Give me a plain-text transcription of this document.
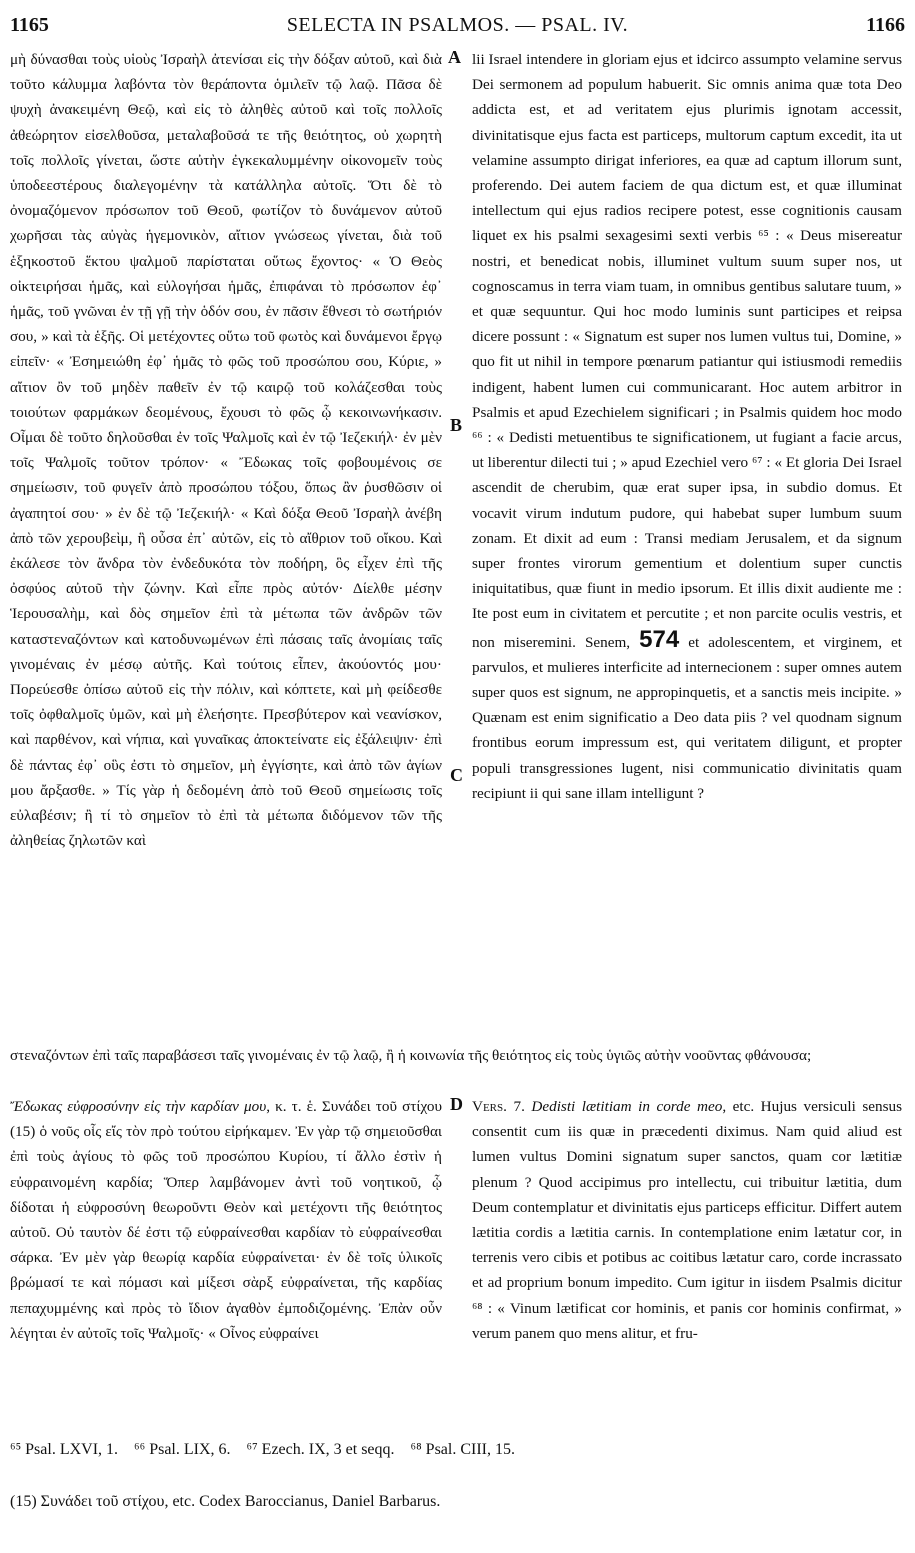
1165	SELECTA IN PSALMOS. — PSAL. IV.	1166

μὴ δύνασθαι τοὺς υἱοὺς Ἰσραὴλ ἀτενίσαι εἰς τὴν δόξαν αὐτοῦ, καὶ διὰ τοῦτο κάλυμμα λαβόντα τὸν θεράποντα ὁμιλεῖν τῷ λαῷ. Πᾶσα δὲ ψυχὴ ἀνακειμένη Θεῷ, καὶ εἰς τὸ ἀληθὲς αὐτοῦ καὶ τοῖς πολλοῖς ἀθεώρητον εἰσελθοῦσα, μεταλαβοῦσά τε τῆς θειότητος, οὐ χωρητὴ τοῖς πολλοῖς γίνεται, ὥστε αὐτὴν ἐγκεκαλυμμένην οἰκονομεῖν τοὺς ὑποδεεστέρους διαλεγομένην τὰ κατάλληλα αὐτοῖς. Ὅτι δὲ τὸ ὀνομαζόμενον πρόσωπον τοῦ Θεοῦ, φωτίζον τὸ δυνάμενον αὐτοῦ χωρῆσαι τὰς αὐγὰς ἡγεμονικὸν, αἴτιον γνώσεως γίνεται, διὰ τοῦ ἑξηκοστοῦ ἕκτου ψαλμοῦ παρίσταται οὕτως ἔχοντος· « Ὁ Θεὸς οἰκτειρήσαι ἡμᾶς, καὶ εὐλογήσαι ἡμᾶς, ἐπιφάναι τὸ πρόσωπον ἐφ᾽ ἡμᾶς, τοῦ γνῶναι ἐν τῇ γῇ τὴν ὁδόν σου, ἐν πᾶσιν ἔθνεσι τὸ σωτήριόν σου, » καὶ τὰ ἑξῆς. Οἱ μετέχοντες οὕτω τοῦ φωτὸς καὶ δυνάμενοι ἔργῳ εἰπεῖν· « Ἐσημειώθη ἐφ᾽ ἡμᾶς τὸ φῶς τοῦ προσώπου σου, Κύριε, » αἴτιον ὂν τοῦ μηδὲν παθεῖν ἐν τῷ καιρῷ τοῦ κολάζεσθαι τοὺς τοιούτων φαρμάκων δεομένους, ἔχουσι τὸ φῶς ᾧ κεκοινωνήκασιν. Οἶμαι δὲ τοῦτο δηλοῦσθαι ἐν τοῖς Ψαλμοῖς καὶ ἐν τῷ Ἰεζεκιήλ· ἐν μὲν τοῖς Ψαλμοῖς τοῦτον τρόπον· « Ἔδωκας τοῖς φοβουμένοις σε σημείωσιν, τοῦ φυγεῖν ἀπὸ προσώπου τόξου, ὅπως ἂν ῥυσθῶσιν οἱ ἀγαπητοί σου· » ἐν δὲ τῷ Ἰεζεκιήλ· « Καὶ δόξα Θεοῦ Ἰσραὴλ ἀνέβη ἀπὸ τῶν χερουβεὶμ, ἣ οὖσα ἐπ᾽ αὐτῶν, εἰς τὸ αἴθριον τοῦ οἴκου. Καὶ ἐκάλεσε τὸν ἄνδρα τὸν ἐνδεδυκότα τὸν ποδήρη, ὃς εἶχεν ἐπὶ τῆς ὀσφύος αὐτοῦ τὴν ζώνην. Καὶ εἶπε πρὸς αὐτόν· Δίελθε μέσην Ἱερουσαλὴμ, καὶ δὸς σημεῖον ἐπὶ τὰ μέτωπα τῶν ἀνδρῶν τῶν καταστεναζόντων καὶ κατοδυνωμένων ἐπὶ πάσαις ταῖς ἀνομίαις ταῖς γινομέναις ἐν μέσῳ αὐτῆς. Καὶ τούτοις εἶπεν, ἀκούοντός μου· Πορεύεσθε ὀπίσω αὐτοῦ εἰς τὴν πόλιν, καὶ κόπτετε, καὶ μὴ φείδεσθε τοῖς ὀφθαλμοῖς ὑμῶν, καὶ μὴ ἐλεήσητε. Πρεσβύτερον καὶ νεανίσκον, καὶ παρθένον, καὶ νήπια, καὶ γυναῖκας ἀποκτείνατε εἰς ἐξάλειψιν· ἐπὶ δὲ πάντας ἐφ᾽ οὓς ἐστι τὸ σημεῖον, μὴ ἐγγίσητε, καὶ ἀπὸ τῶν ἁγίων μου ἄρξασθε. » Τίς γὰρ ἡ δεδομένη ἀπὸ τοῦ Θεοῦ σημείωσις τοῖς εὐλαβέσιν; ἢ τί τὸ σημεῖον τὸ ἐπὶ τὰ μέτωπα διδόμενον τῶν τῆς ἀληθείας ζηλωτῶν καὶ

A
B
C
D

lii Israel intendere in gloriam ejus et idcirco assumpto velamine servus Dei sermonem ad populum habuerit. Sic omnis anima quæ tota Deo addicta est, et ad veritatem ejus plurimis ignotam accessit, divinitatisque ejus facta est particeps, multorum captum excedit, ita ut velamine assumpto dirigat inferiores, ea quæ ad captum illorum sunt, proferendo. Dei autem faciem de qua dictum est, et quæ illuminat intellectum qui ejus radios recipere potest, esse cognitionis causam liquet ex his psalmi sexagesimi sexti verbis ⁶⁵ : « Deus misereatur nostri, et benedicat nobis, illuminet vultum suum super nos, ut cognoscamus in terra viam tuam, in omnibus gentibus salutare tuum, » et quæ sequuntur. Qui hoc modo luminis sunt participes et reipsa dicere possunt : « Signatum est super nos lumen vultus tui, Domine, » quo fit ut nihil in tempore pœnarum patiantur qui istiusmodi remediis indigent, habent lumen cui communicarant. Hoc autem arbitror in Psalmis et apud Ezechielem significari ; in Psalmis quidem hoc modo ⁶⁶ : « Dedisti metuentibus te significationem, ut fugiant a facie arcus, ut liberentur dilecti tui ; » apud Ezechiel vero ⁶⁷ : « Et gloria Dei Israel ascendit de cherubim, quæ erat super ipsa, in subdio domus. Et vocavit virum indutum pudore, qui habebat super lumbum suum zonam. Et dixit ad eum : Transi mediam Jerusalem, et da signum super frontes virorum gementium et dolentium super cunctis iniquitatibus, quæ fiunt in medio ipsorum. Et illis dixit audiente me : Ite post eum in civitatem et percutite ; et non parcite oculis vestris, et non miseremini. Senem, 574 et adolescentem, et virginem, et parvulos, et mulieres interficite ad internecionem : super omnes autem super quos est signum, ne appropinquetis, et a sanctis meis incipite. » Quænam est enim significatio a Deo data piis ? vel quodnam signum frontibus eorum impressum est, qui veritatem diligunt, et propter populi transgressiones lugent, nisi communicatio divinitatis quam recipiunt ii qui sane illam intelligunt ?

στεναζόντων ἐπὶ ταῖς παραβάσεσι ταῖς γινομέναις ἐν τῷ λαῷ, ἢ ἡ κοινωνία τῆς θειότητος εἰς τοὺς ὑγιῶς αὐτὴν νοοῦντας φθάνουσα;

Ἔδωκας εὐφροσύνην εἰς τὴν καρδίαν μου, κ. τ. ἑ. Συνάδει τοῦ στίχου (15) ὁ νοῦς οἷς εἴς τὸν πρὸ τούτου εἰρήκαμεν. Ἐν γὰρ τῷ σημειοῦσθαι ἐπὶ τοὺς ἁγίους τὸ φῶς τοῦ προσώπου Κυρίου, τί ἄλλο ἐστὶν ἡ εὐφραινομένη καρδία; Ὅπερ λαμβάνομεν ἀντὶ τοῦ νοητικοῦ, ᾧ δίδοται ἡ εὐφροσύνη θεωροῦντι Θεὸν καὶ μετέχοντι τῆς θειότητος αὐτοῦ. Οὐ ταυτὸν δέ ἐστι τῷ εὐφραίνεσθαι καρδίαν τὸ εὐφραίνεσθαι σάρκα. Ἐν μὲν γὰρ θεωρίᾳ καρδία εὐφραίνεται· ἐν δὲ τοῖς ὑλικοῖς βρώμασί τε καὶ πόμασι καὶ μίξεσι σὰρξ εὐφραίνεται, τῆς καρδίας πεπαχυμμένης καὶ πρὸς τὸ ἴδιον ἀγαθὸν ἐμποδιζομένης. Ἐπὰν οὖν λέγηται ἐν αὐτοῖς τοῖς Ψαλμοῖς· « Οἶνος εὐφραίνει

Vers. 7. Dedisti lætitiam in corde meo, etc. Hujus versiculi sensus consentit cum iis quæ in præcedenti diximus. Nam quid aliud est lumen vultus Domini signatum super sanctos, quam cor lætitiæ plenum ? Quod accipimus pro intellectu, cui tribuitur lætitia, dum Deum contemplatur et divinitatis ejus particeps efficitur. Differt autem lætitia cordis a lætitia carnis. In contemplatione enim lætatur cor, in terrenis vero cibis et potibus ac coitibus lætatur caro, corde incrassato et ad proprium bonum impedito. Cum igitur in iisdem Psalmis dicitur ⁶⁸ : « Vinum lætificat cor hominis, et panis cor hominis confirmat, » verum panem quo mens alitur, et fru-

⁶⁵ Psal. LXVI, 1.    ⁶⁶ Psal. LIX, 6.    ⁶⁷ Ezech. IX, 3 et seqq.    ⁶⁸ Psal. CIII, 15.
(15) Συνάδει τοῦ στίχου, etc. Codex Baroccianus, Daniel Barbarus.
